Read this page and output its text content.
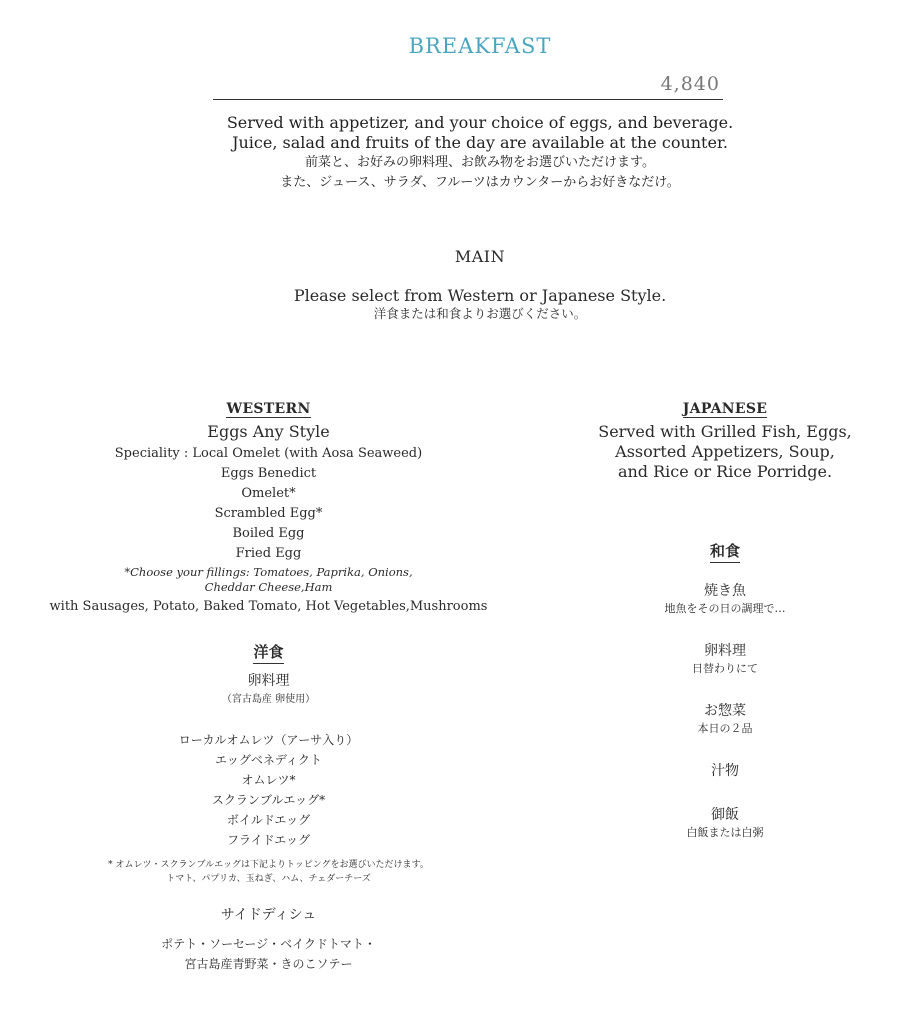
BREAKFAST
4,840
Served with appetizer, and your choice of eggs, and beverage.
Juice, salad and fruits of the day are available at the counter.
前菜と、お好みの卵料理、お飲み物をお選びいただけます。
また、ジュース、サラダ、フルーツはカウンターからお好きなだけ。
MAIN
Please select from Western or Japanese Style.
洋食または和食よりお選びください。
WESTERN
Eggs Any Style
Speciality : Local Omelet (with Aosa Seaweed)
Eggs Benedict
Omelet*
Scrambled Egg*
Boiled Egg
Fried Egg
*Choose your fillings: Tomatoes, Paprika, Onions,
Cheddar Cheese,Ham
with Sausages, Potato, Baked Tomato, Hot Vegetables,Mushrooms
洋食
卵料理
（宮古島産 卵使用）
ローカルオムレツ（アーサ入り）
エッグベネディクト
オムレツ*
スクランブルエッグ*
ボイルドエッグ
フライドエッグ
* オムレツ・スクランブルエッグは下記よりトッピングをお選びいただけます。
トマト、パプリカ、玉ねぎ、ハム、チェダーチーズ
サイドディシュ
ポテト・ソーセージ・ベイクドトマト・
宮古島産青野菜・きのこソテー
JAPANESE
Served with Grilled Fish, Eggs,
Assorted Appetizers, Soup,
and Rice or Rice Porridge.
和食
焼き魚
地魚をその日の調理で…
卵料理
日替わりにて
お惣菜
本日の２品
汁物
御飯
白飯または白粥
